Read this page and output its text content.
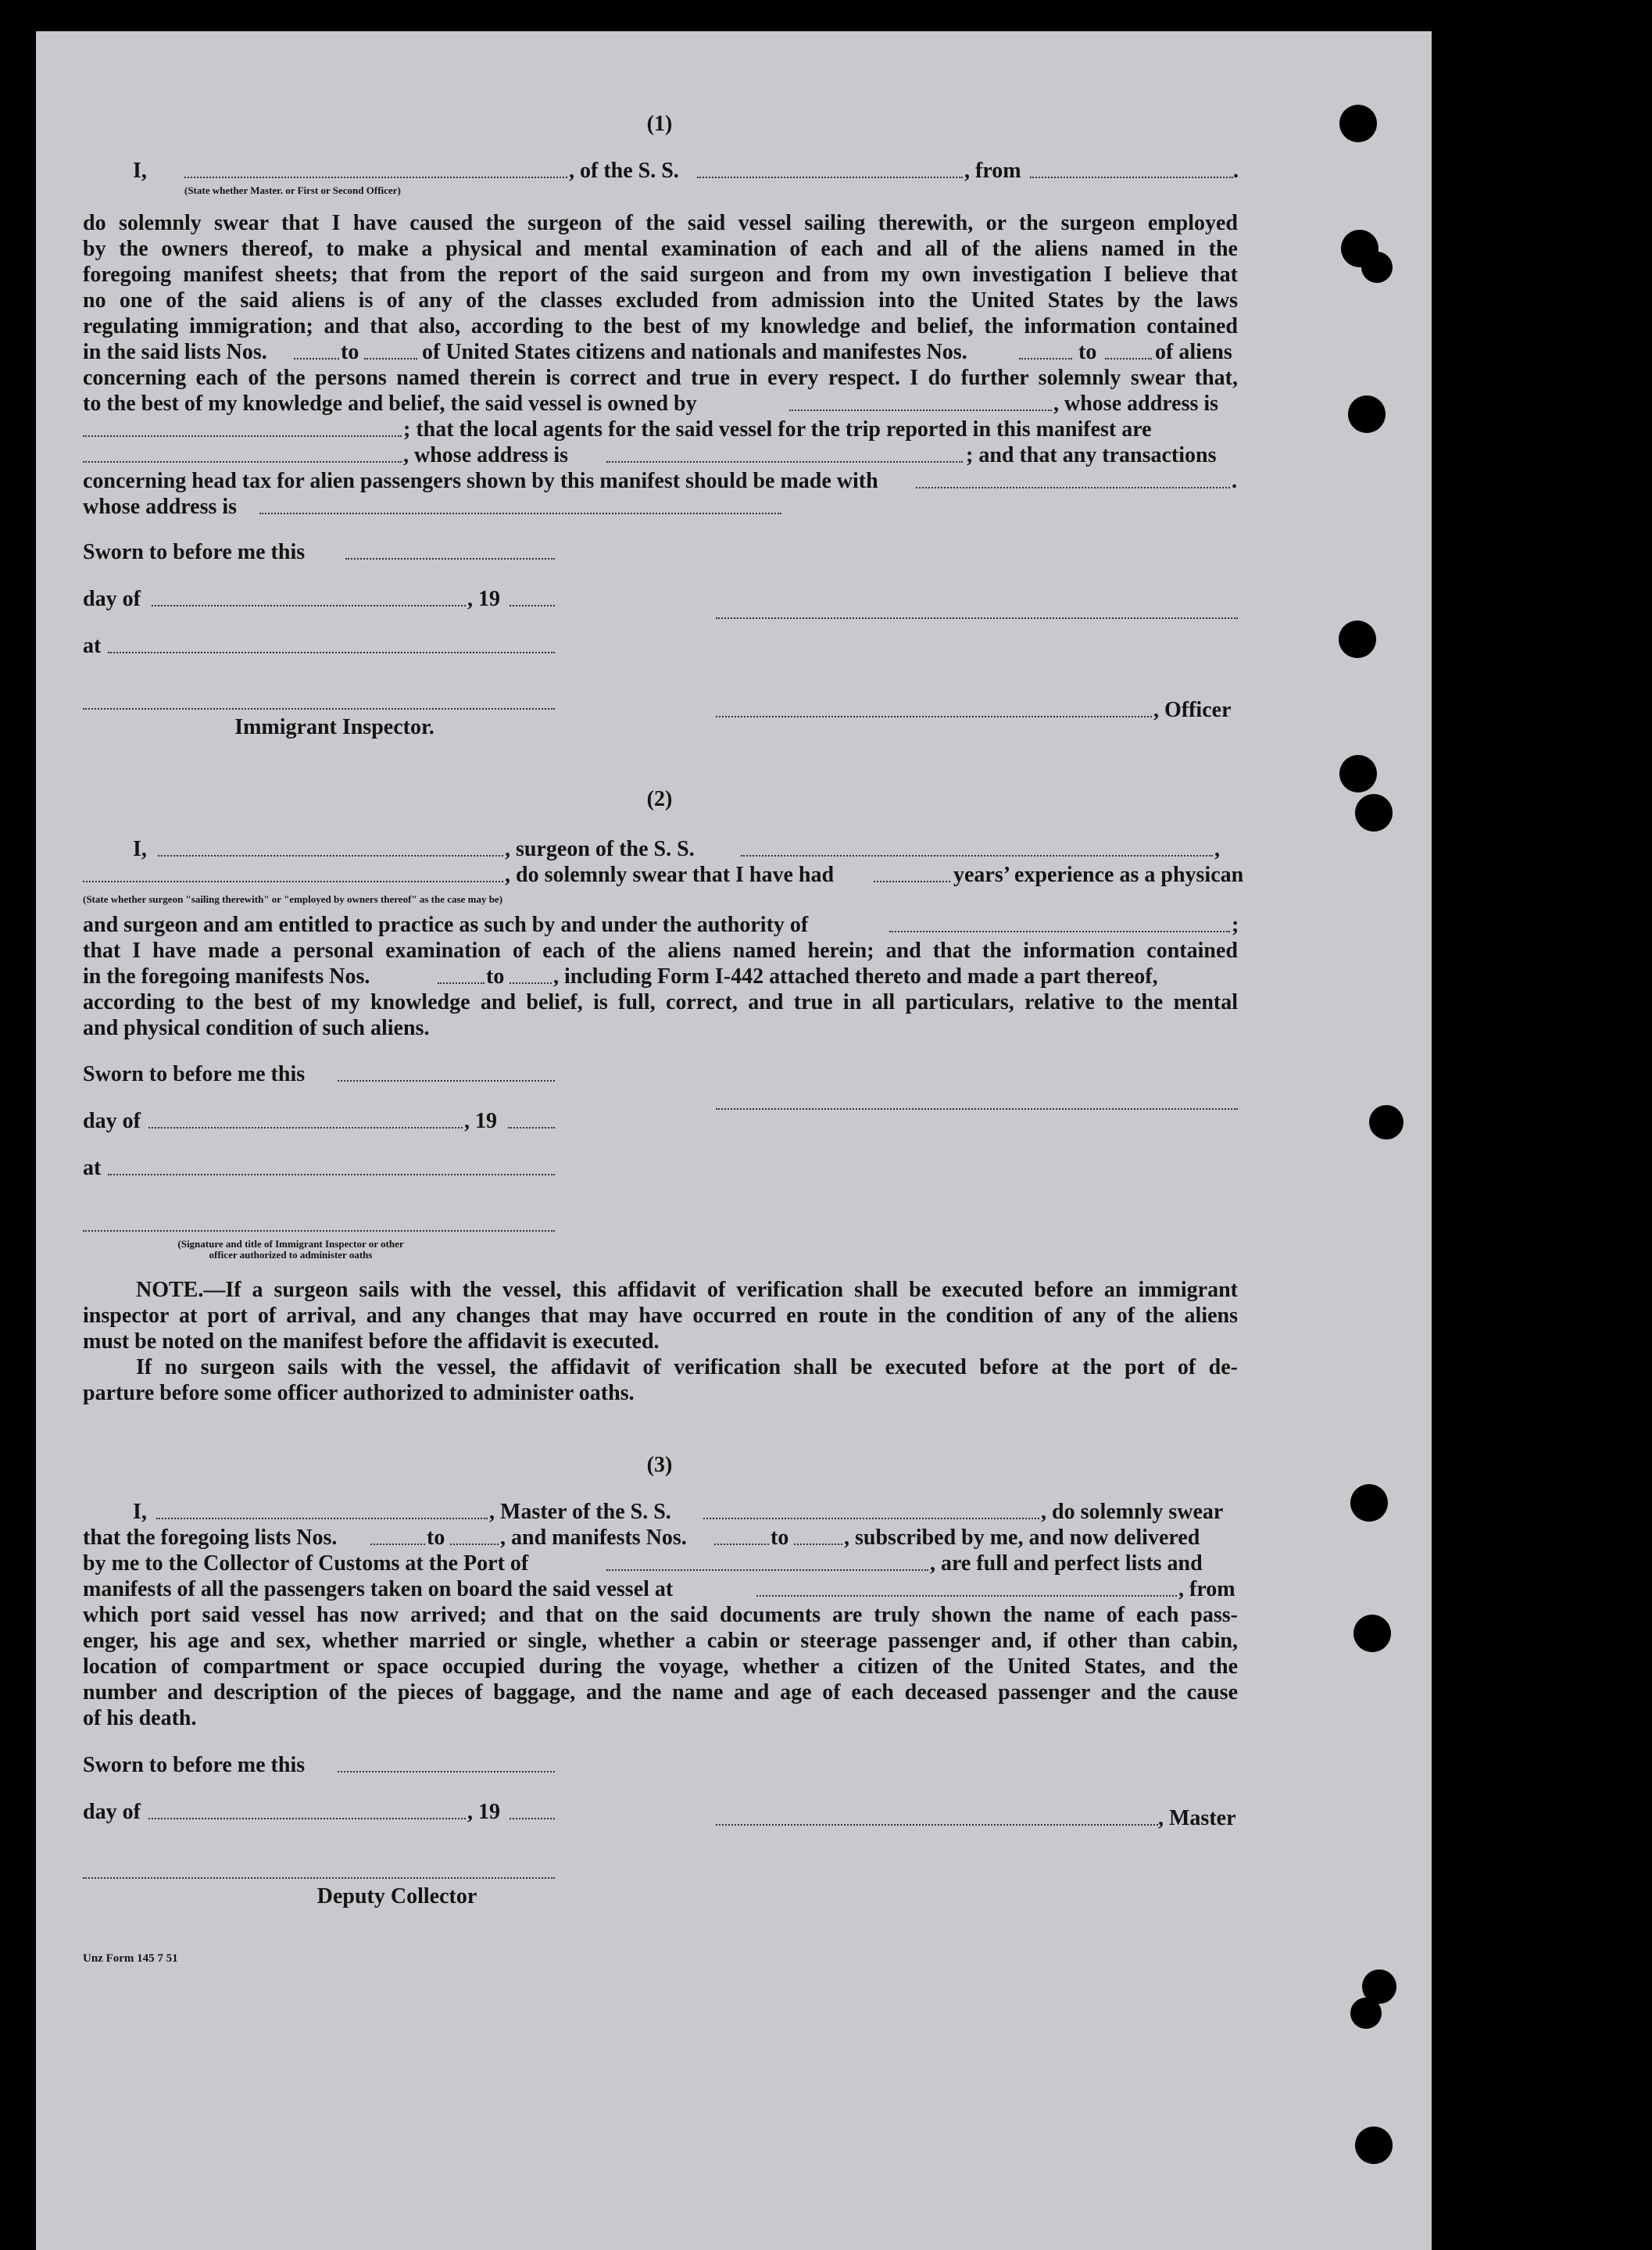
(1)
I,	, of the S. S.	, from	.
(State whether Master. or First or Second Officer)
do solemnly swear that I have caused the surgeon of the said vessel sailing therewith, or the surgeon employed
by the owners thereof, to make a physical and mental examination of each and all of the aliens named in the
foregoing manifest sheets; that from the report of the said surgeon and from my own investigation I believe that
no one of the said aliens is of any of the classes excluded from admission into the United States by the laws
regulating immigration; and that also, according to the best of my knowledge and belief, the information contained
in the said lists Nos.	to	of United States citizens and nationals and manifestes Nos.	to	of aliens
concerning each of the persons named therein is correct and true in every respect. I do further solemnly swear that,
to the best of my knowledge and belief, the said vessel is owned by	, whose address is
; that the local agents for the said vessel for the trip reported in this manifest are
, whose address is	; and that any transactions
concerning head tax for alien passengers shown by this manifest should be made with	.
whose address is
Sworn to before me this
day of	, 19
at
, Officer
Immigrant Inspector.
(2)
I,	, surgeon of the S. S.	,
, do solemnly swear that I have had	years’ experience as a physican
(State whether surgeon "sailing therewith" or "employed by owners thereof" as the case may be)
and surgeon and am entitled to practice as such by and under the authority of	;
that I have made a personal examination of each of the aliens named herein; and that the information contained
in the foregoing manifests Nos.	to , including Form I-442 attached thereto and made a part thereof,
according to the best of my knowledge and belief, is full, correct, and true in all particulars, relative to the mental
and physical condition of such aliens.
Sworn to before me this
day of	, 19
at
(Signature and title of Immigrant Inspector or other
officer authorized to administer oaths
NOTE.—If a surgeon sails with the vessel, this affidavit of verification shall be executed before an immigrant
inspector at port of arrival, and any changes that may have occurred en route in the condition of any of the aliens
must be noted on the manifest before the affidavit is executed.
If no surgeon sails with the vessel, the affidavit of verification shall be executed before at the port of de-
parture before some officer authorized to administer oaths.
(3)
I,	, Master of the S. S.	, do solemnly swear
that the foregoing lists Nos.	to	, and manifests Nos.	to	, subscribed by me, and now delivered
by me to the Collector of Customs at the Port of	, are full and perfect lists and
manifests of all the passengers taken on board the said vessel at	, from
which port said vessel has now arrived; and that on the said documents are truly shown the name of each pass-
enger, his age and sex, whether married or single, whether a cabin or steerage passenger and, if other than cabin,
location of compartment or space occupied during the voyage, whether a citizen of the United States, and the
number and description of the pieces of baggage, and the name and age of each deceased passenger and the cause
of his death.
Sworn to before me this
day of	, 19	, Master
Deputy Collector
Unz Form 145 7 51
